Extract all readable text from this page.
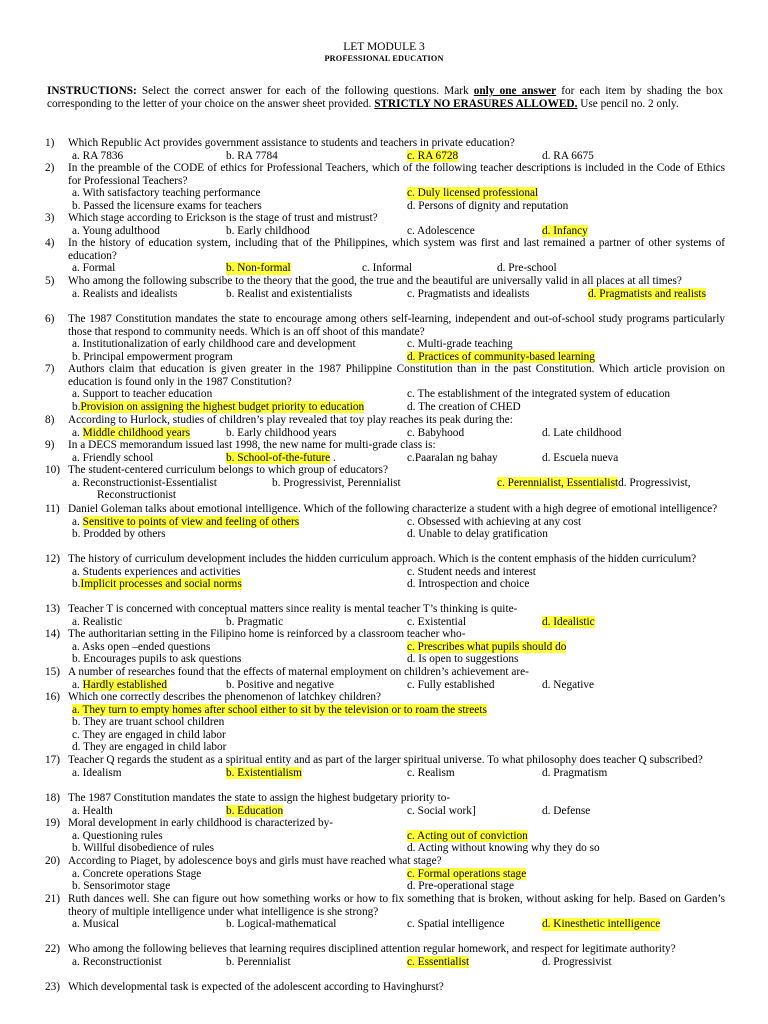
LET MODULE 3
PROFESSIONAL EDUCATION
INSTRUCTIONS: Select the correct answer for each of the following questions. Mark only one answer for each item by shading the box corresponding to the letter of your choice on the answer sheet provided. STRICTLY NO ERASURES ALLOWED. Use pencil no. 2 only.
1)	Which Republic Act provides government assistance to students and teachers in private education?
a. RA 7836	b. RA 7784	c. RA 6728	d. RA 6675
2)	In the preamble of the CODE of ethics for Professional Teachers, which of the following teacher descriptions is included in the Code of Ethics for Professional Teachers?
a. With satisfactory teaching performance	c. Duly licensed professional
b. Passed the licensure exams for teachers	d. Persons of dignity and reputation
3)	Which stage according to Erickson is the stage of trust and mistrust?
a. Young adulthood	b. Early childhood	c. Adolescence	d. Infancy
4)	In the history of education system, including that of the Philippines, which system was first and last remained a partner of other systems of education?
a. Formal	b. Non-formal	c. Informal	d. Pre-school
5)	Who among the following subscribe to the theory that the good, the true and the beautiful are universally valid in all places at all times?
a. Realists and idealists	b. Realist and existentialists	c. Pragmatists and idealists	d. Pragmatists and realists
6)	The 1987 Constitution mandates the state to encourage among others self-learning, independent and out-of-school study programs particularly those that respond to community needs. Which is an off shoot of this mandate?
a. Institutionalization of early childhood care and development	c. Multi-grade teaching
b. Principal empowerment program	d. Practices of community-based learning
7)	Authors claim that education is given greater in the 1987 Philippine Constitution than in the past Constitution. Which article provision on education is found only in the 1987 Constitution?
a. Support to teacher education	c. The establishment of the integrated system of education
b.Provision on assigning the highest budget priority to education	d. The creation of CHED
8)	According to Hurlock, studies of children’s play revealed that toy play reaches its peak during the:
a. Middle childhood years	b. Early childhood years	c. Babyhood	d. Late childhood
9)	In a DECS memorandum issued last 1998, the new name for multi-grade class is:
a. Friendly school	b. School-of-the-future .	c.Paaralan ng bahay	d. Escuela nueva
10) The student-centered curriculum belongs to which group of educators?
a. Reconstructionist-Essentialist	b. Progressivist, Perennialist	c. Perennialist, Essentialistd. Progressivist,
Reconstructionist
11) Daniel Goleman talks about emotional intelligence. Which of the following characterize a student with a high degree of emotional intelligence?
a. Sensitive to points of view and feeling of others	c. Obsessed with achieving at any cost
b. Prodded by others	d. Unable to delay gratification
12) The history of curriculum development includes the hidden curriculum approach. Which is the content emphasis of the hidden curriculum?
a. Students experiences and activities	c. Student needs and interest
b.Implicit processes and social norms	d. Introspection and choice
13) Teacher T is concerned with conceptual matters since reality is mental teacher T’s thinking is quite-
a. Realistic	b. Pragmatic	c. Existential	d. Idealistic
14) The authoritarian setting in the Filipino home is reinforced by a classroom teacher who-
a. Asks open –ended questions	c. Prescribes what pupils should do
b. Encourages pupils to ask questions	d. Is open to suggestions
15) A number of researches found that the effects of maternal employment on children’s achievement are-
a. Hardly established	b. Positive and negative	c. Fully established	d. Negative
16) Which one correctly describes the phenomenon of latchkey children?
a. They turn to empty homes after school either to sit by the television or to roam the streets
b. They are truant school children
c. They are engaged in child labor
d. They are engaged in child labor
17) Teacher Q regards the student as a spiritual entity and as part of the larger spiritual universe. To what philosophy does teacher Q subscribed?
a. Idealism	b. Existentialism	c. Realism	d. Pragmatism
18) The 1987 Constitution mandates the state to assign the highest budgetary priority to-
a. Health	b. Education	c. Social work]	d. Defense
19) Moral development in early childhood is characterized by-
a. Questioning rules	c. Acting out of conviction
b. Willful disobedience of rules	d. Acting without knowing why they do so
20) According to Piaget, by adolescence boys and girls must have reached what stage?
a. Concrete operations Stage	c. Formal operations stage
b. Sensorimotor stage	d. Pre-operational stage
21) Ruth dances well. She can figure out how something works or how to fix something that is broken, without asking for help. Based on Garden’s theory of multiple intelligence under what intelligence is she strong?
a. Musical	b. Logical-mathematical	c. Spatial intelligence	d. Kinesthetic intelligence
22) Who among the following believes that learning requires disciplined attention regular homework, and respect for legitimate authority?
a. Reconstructionist	b. Perennialist	c. Essentialist	d. Progressivist
23) Which developmental task is expected of the adolescent according to Havinghurst?
